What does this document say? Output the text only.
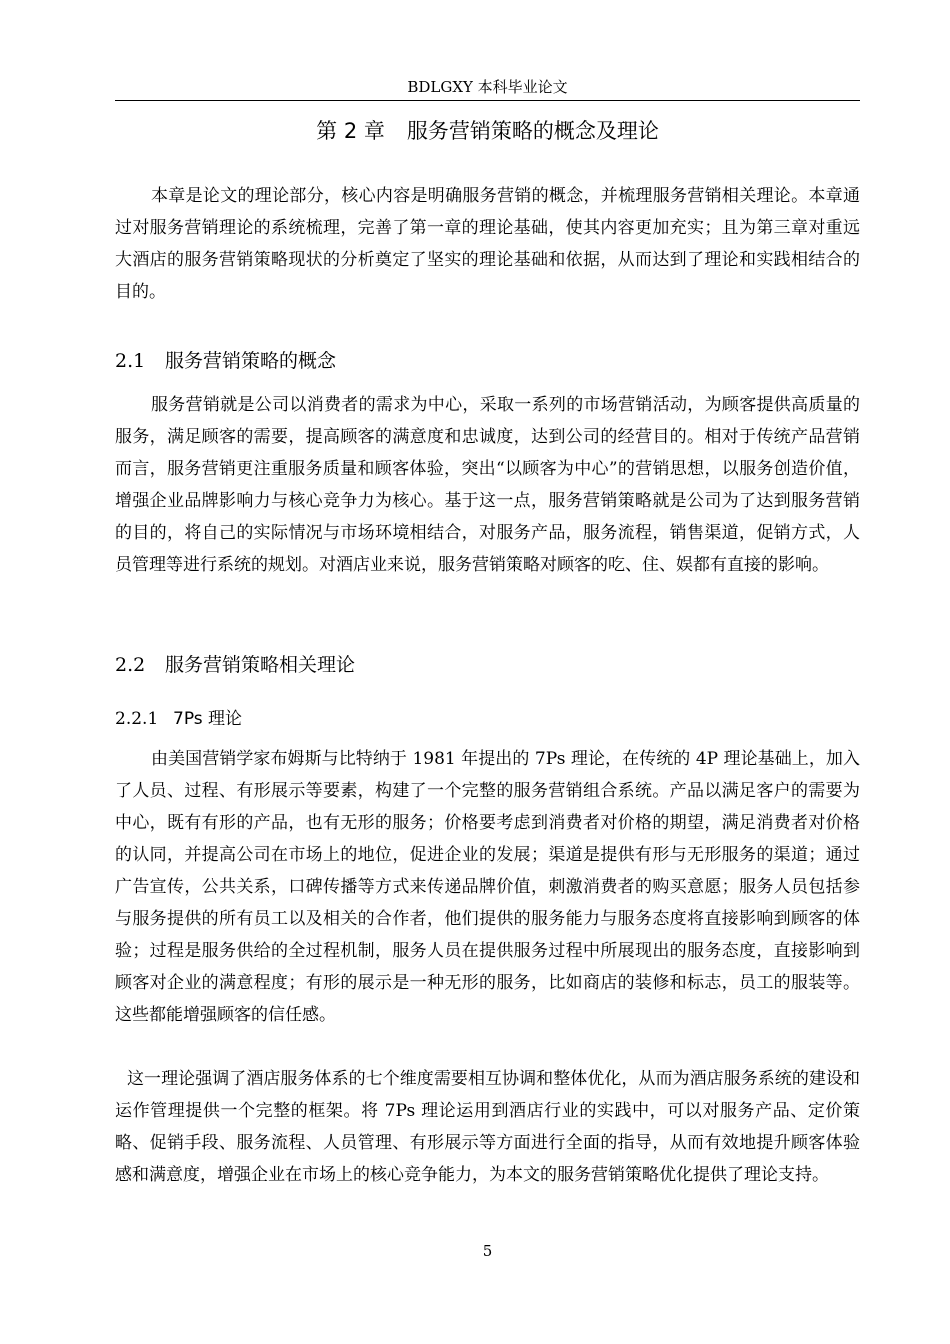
BDLGXY 本科毕业论文
第 2 章 服务营销策略的概念及理论

本章是论文的理论部分，核心内容是明确服务营销的概念，并梳理服务营销相关理论。本章通过对服务营销理论的系统梳理，完善了第一章的理论基础，使其内容更加充实；且为第三章对重远大酒店的服务营销策略现状的分析奠定了坚实的理论基础和依据，从而达到了理论和实践相结合的目的。

2.1 服务营销策略的概念

服务营销就是公司以消费者的需求为中心，采取一系列的市场营销活动，为顾客提供高质量的服务，满足顾客的需要，提高顾客的满意度和忠诚度，达到公司的经营目的。相对于传统产品营销而言，服务营销更注重服务质量和顾客体验，突出“以顾客为中心”的营销思想，以服务创造价值，增强企业品牌影响力与核心竞争力为核心。基于这一点，服务营销策略就是公司为了达到服务营销的目的，将自己的实际情况与市场环境相结合，对服务产品，服务流程，销售渠道，促销方式，人员管理等进行系统的规划。对酒店业来说，服务营销策略对顾客的吃、住、娱都有直接的影响。

2.2 服务营销策略相关理论
2.2.1 7Ps 理论

由美国营销学家布姆斯与比特纳于 1981 年提出的 7Ps 理论，在传统的 4P 理论基础上，加入了人员、过程、有形展示等要素，构建了一个完整的服务营销组合系统。产品以满足客户的需要为中心，既有有形的产品，也有无形的服务；价格要考虑到消费者对价格的期望，满足消费者对价格的认同，并提高公司在市场上的地位，促进企业的发展；渠道是提供有形与无形服务的渠道；通过广告宣传，公共关系，口碑传播等方式来传递品牌价值，刺激消费者的购买意愿；服务人员包括参与服务提供的所有员工以及相关的合作者，他们提供的服务能力与服务态度将直接影响到顾客的体验；过程是服务供给的全过程机制，服务人员在提供服务过程中所展现出的服务态度，直接影响到顾客对企业的满意程度；有形的展示是一种无形的服务，比如商店的装修和标志，员工的服装等。这些都能增强顾客的信任感。

这一理论强调了酒店服务体系的七个维度需要相互协调和整体优化，从而为酒店服务系统的建设和运作管理提供一个完整的框架。将 7Ps 理论运用到酒店行业的实践中，可以对服务产品、定价策略、促销手段、服务流程、人员管理、有形展示等方面进行全面的指导，从而有效地提升顾客体验感和满意度，增强企业在市场上的核心竞争能力，为本文的服务营销策略优化提供了理论支持。

5
